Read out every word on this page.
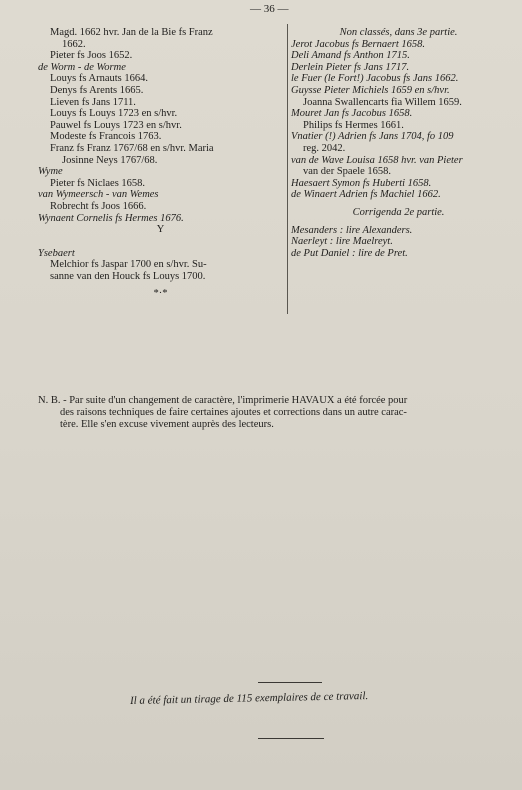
— 36 —
Magd. 1662 hvr. Jan de la Bie fs Franz
1662.
Pieter fs Joos 1652.
de Worm - de Worme
Louys fs Arnauts 1664.
Denys fs Arents 1665.
Lieven fs Jans 1711.
Louys fs Louys 1723 en s/hvr.
Pauwel fs Louys 1723 en s/hvr.
Modeste fs Francois 1763.
Franz fs Franz 1767/68 en s/hvr. Maria
Josinne Neys 1767/68.
Wyme
Pieter fs Niclaes 1658.
van Wymeersch - van Wemes
Robrecht fs Joos 1666.
Wynaent Cornelis fs Hermes 1676.
Y
Ysebaert
Melchior fs Jaspar 1700 en s/hvr. Su-
sanne van den Houck fs Louys 1700.
*·*
Non classés, dans 3e partie.
Jerot Jacobus fs Bernaert 1658.
Deli Amand fs Anthon 1715.
Derlein Pieter fs Jans 1717.
le Fuer (le Fort!) Jacobus fs Jans 1662.
Guysse Pieter Michiels 1659 en s/hvr.
Joanna Swallencarts fia Willem 1659.
Mouret Jan fs Jacobus 1658.
Philips fs Hermes 1661.
Vnatier (!) Adrien fs Jans 1704, fo 109
reg. 2042.
van de Wave Louisa 1658 hvr. van Pieter
van der Spaele 1658.
Haesaert Symon fs Huberti 1658.
de Winaert Adrien fs Machiel 1662.
Corrigenda 2e partie.
Mesanders : lire Alexanders.
Naerleyt : lire Maelreyt.
de Put Daniel : lire de Pret.
N. B. - Par suite d'un changement de caractère, l'imprimerie HAVAUX a été forcée pour
des raisons techniques de faire certaines ajoutes et corrections dans un autre carac-
tère. Elle s'en excuse vivement auprès des lecteurs.
Il a été fait un tirage de 115 exemplaires de ce travail.
